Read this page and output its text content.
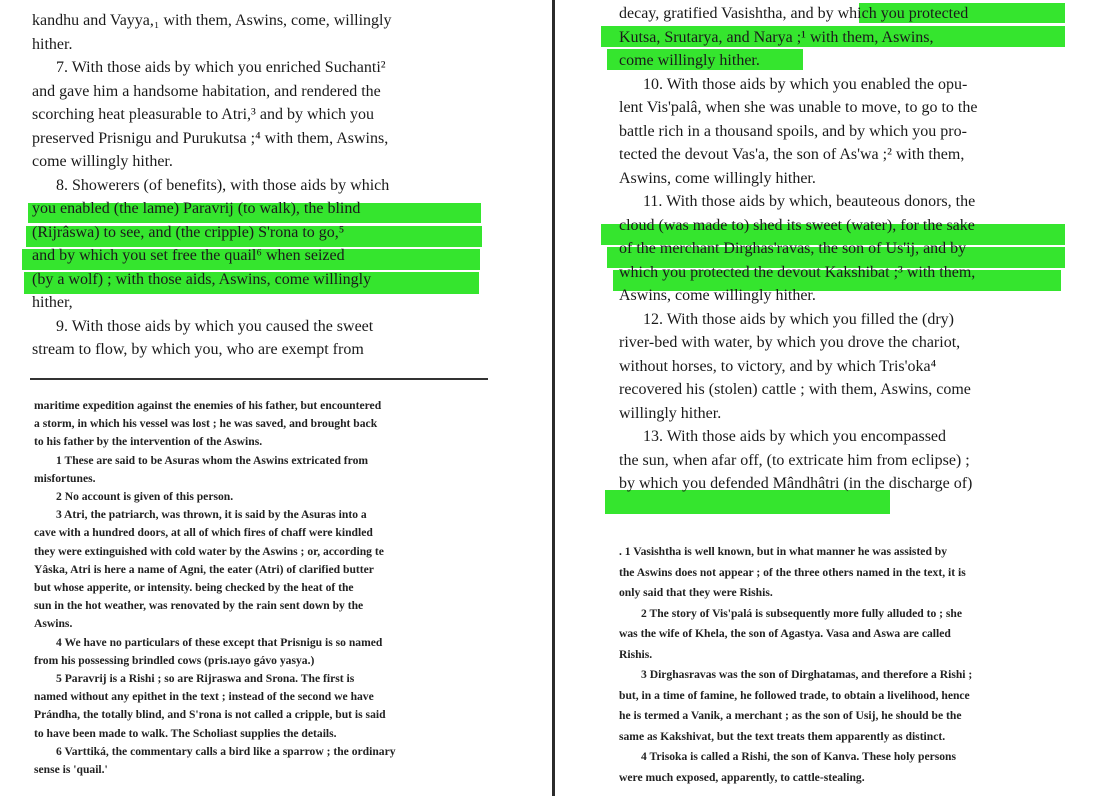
kandhu and Vayya,₁ with them, Aswins, come, willingly
hither.
7. With those aids by which you enriched Suchanti²
and gave him a handsome habitation, and rendered the
scorching heat pleasurable to Atri,³ and by which you
preserved Prisnigu and Purukutsa ;⁴ with them, Aswins,
come willingly hither.
8. Showerers (of benefits), with those aids by which
you enabled (the lame) Paravrij (to walk), the blind
(Rijrâswa) to see, and (the cripple) S'rona to go,⁵
and by which you set free the quail⁶ when seized
(by a wolf) ; with those aids, Aswins, come willingly
hither,
9. With those aids by which you caused the sweet
stream to flow, by which you, who are exempt from
maritime expedition against the enemies of his father, but encountered
a storm, in which his vessel was lost ; he was saved, and brought back
to his father by the intervention of the Aswins.
1 These are said to be Asuras whom the Aswins extricated from
misfortunes.
2 No account is given of this person.
3 Atri, the patriarch, was thrown, it is said by the Asuras into a
cave with a hundred doors, at all of which fires of chaff were kindled
they were extinguished with cold water by the Aswins ; or, according te
Yâska, Atri is here a name of Agni, the eater (Atri) of clarified butter
but whose apperite, or intensity. being checked by the heat of the
sun in the hot weather, was renovated by the rain sent down by the
Aswins.
4 We have no particulars of these except that Prisnigu is so named
from his possessing brindled cows (pris.ıayo gávo yasya.)
5 Paravrij is a Rishi ; so are Rijraswa and Srona. The first is
named without any epithet in the text ; instead of the second we have
Prándha, the totally blind, and S'rona is not called a cripple, but is said
to have been made to walk. The Scholiast supplies the details.
6 Varttiká, the commentary calls a bird like a sparrow ; the ordinary
sense is 'quail.'
decay, gratified Vasishtha, and by which you protected
Kutsa, Srutarya, and Narya ;¹ with them, Aswins,
come willingly hither.
10. With those aids by which you enabled the opu-
lent Vis'palâ, when she was unable to move, to go to the
battle rich in a thousand spoils, and by which you pro-
tected the devout Vas'a, the son of As'wa ;² with them,
Aswins, come willingly hither.
11. With those aids by which, beauteous donors, the
cloud (was made to) shed its sweet (water), for the sake
of the merchant Dirghas'ravas, the son of Us'ij, and by
which you protected the devout Kakshibat ;³ with them,
Aswins, come willingly hither.
12. With those aids by which you filled the (dry)
river-bed with water, by which you drove the chariot,
without horses, to victory, and by which Tris'oka⁴
recovered his (stolen) cattle ; with them, Aswins, come
willingly hither.
13. With those aids by which you encompassed
the sun, when afar off, (to extricate him from eclipse) ;
by which you defended Mândhâtri (in the discharge of)
. 1 Vasishtha is well known, but in what manner he was assisted by
the Aswins does not appear ; of the three others named in the text, it is
only said that they were Rishis.
2 The story of Vis'palá is subsequently more fully alluded to ; she
was the wife of Khela, the son of Agastya. Vasa and Aswa are called
Rishis.
3 Dirghasravas was the son of Dirghatamas, and therefore a Rishi ;
but, in a time of famine, he followed trade, to obtain a livelihood, hence
he is termed a Vanik, a merchant ; as the son of Usij, he should be the
same as Kakshivat, but the text treats them apparently as distinct.
4 Trisoka is called a Rishi, the son of Kanva. These holy persons
were much exposed, apparently, to cattle-stealing.
